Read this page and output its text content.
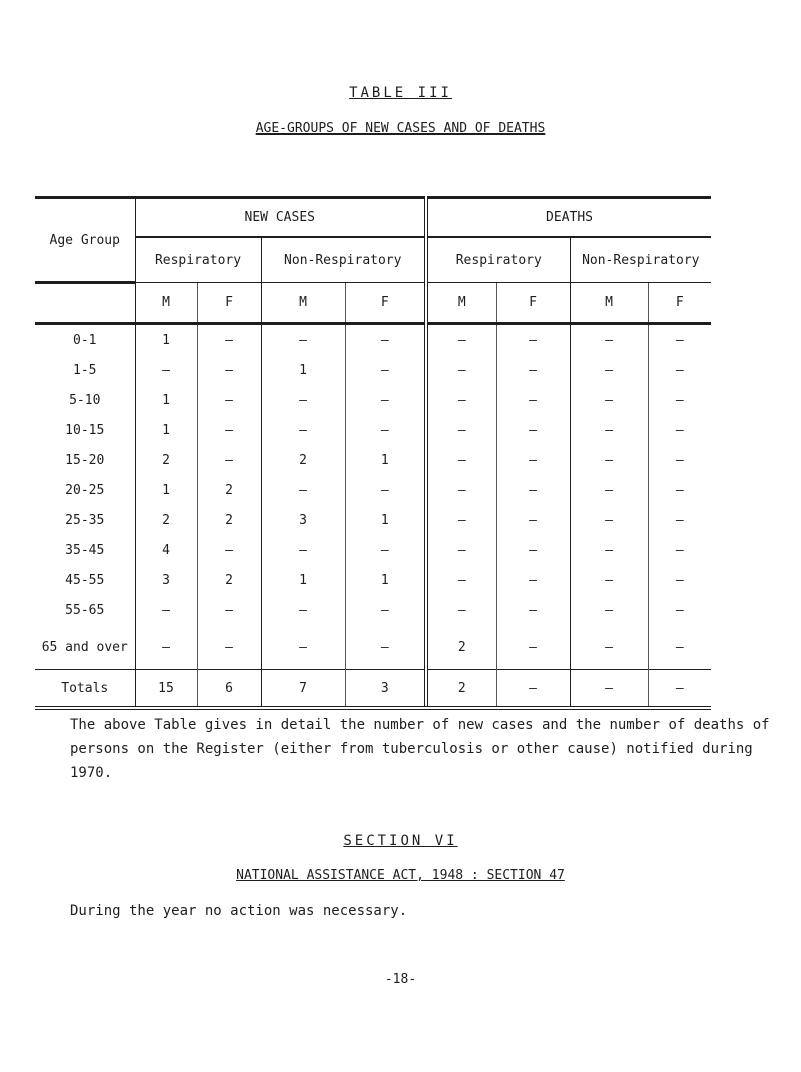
TABLE III
AGE-GROUPS OF NEW CASES AND OF DEATHS
Age Group	NEW CASES				DEATHS			
	Respiratory		Non-Respiratory		Respiratory		Non-Respiratory	
	M	F	M	F	M	F	M	F
0-1	1	–	–	–	–	–	–	–
1-5	–	–	1	–	–	–	–	–
5-10	1	–	–	–	–	–	–	–
10-15	1	–	–	–	–	–	–	–
15-20	2	–	2	1	–	–	–	–
20-25	1	2	–	–	–	–	–	–
25-35	2	2	3	1	–	–	–	–
35-45	4	–	–	–	–	–	–	–
45-55	3	2	1	1	–	–	–	–
55-65	–	–	–	–	–	–	–	–
65 and over	–	–	–	–	2	–	–	–
Totals	15	6	7	3	2	–	–	–

The above Table gives in detail the number of new cases and the number of deaths of persons on the Register (either from tuberculosis or other cause) notified during 1970.

SECTION VI
NATIONAL ASSISTANCE ACT, 1948 : SECTION 47
During the year no action was necessary.
-18-
